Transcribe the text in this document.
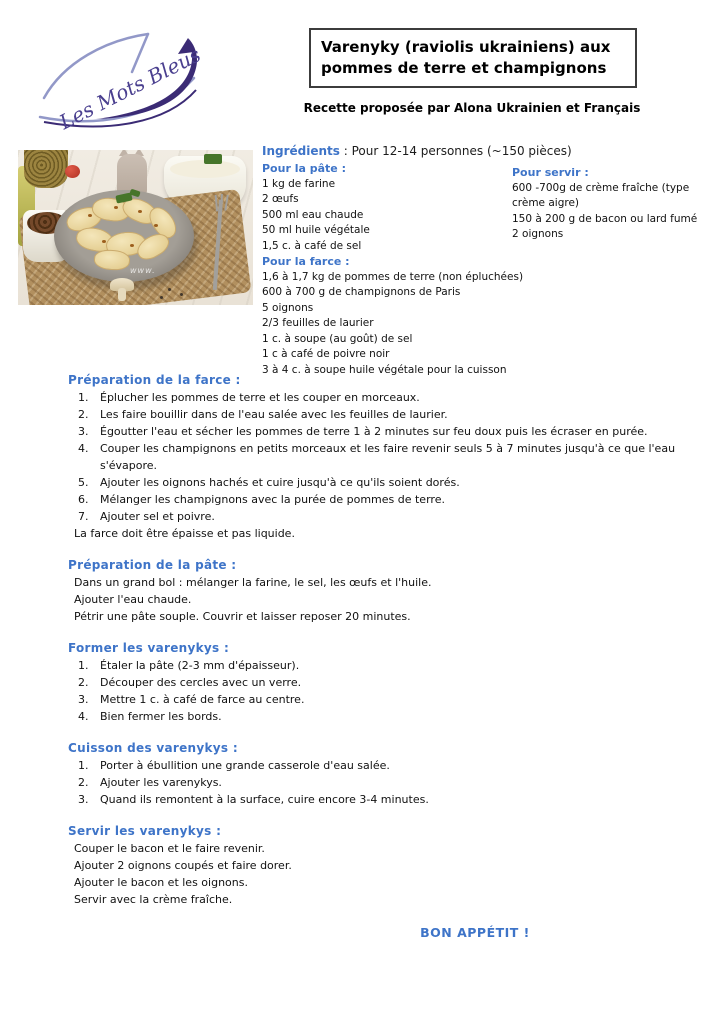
Les Mots Bleus	Varenyky (raviolis ukrainiens) aux pommes de terre et champignons
Recette proposée par Alona Ukrainien et Français
www.
Ingrédients : Pour 12-14 personnes (~150 pièces)
Pour la pâte :
1 kg de farine
2 œufs
500 ml eau chaude
50 ml huile végétale
1,5 c. à café de sel
Pour la farce :
1,6 à 1,7 kg de pommes de terre (non épluchées)
600 à 700 g de champignons de Paris
5 oignons
2/3 feuilles de laurier
1 c. à soupe (au goût) de sel
1 c à café de poivre noir
3 à 4 c. à soupe huile végétale pour la cuisson
Pour servir :
600 -700g de crème fraîche (type crème aigre)
150 à 200 g de bacon ou lard fumé
2 oignons
Préparation de la farce :
Éplucher les pommes de terre et les couper en morceaux.
Les faire bouillir dans de l'eau salée avec les feuilles de laurier.
Égoutter l'eau et sécher les pommes de terre 1 à 2 minutes sur feu doux puis les écraser en purée.
Couper les champignons en petits morceaux et les faire revenir seuls 5 à 7 minutes jusqu'à ce que l'eau s'évapore.
Ajouter les oignons hachés et cuire jusqu'à ce qu'ils soient dorés.
Mélanger les champignons avec la purée de pommes de terre.
Ajouter sel et poivre.
La farce doit être épaisse et pas liquide.
Préparation de la pâte :
Dans un grand bol : mélanger la farine, le sel, les œufs et l'huile.
Ajouter l'eau chaude.
Pétrir une pâte souple. Couvrir et laisser reposer 20 minutes.
Former les varenykys :
Étaler la pâte (2-3 mm d'épaisseur).
Découper des cercles avec un verre.
Mettre 1 c. à café de farce au centre.
Bien fermer les bords.
Cuisson des varenykys :
Porter à ébullition une grande casserole d'eau salée.
Ajouter les varenykys.
Quand ils remontent à la surface, cuire encore 3-4 minutes.
Servir les varenykys :
Couper le bacon et le faire revenir.
Ajouter 2 oignons coupés et faire dorer.
Ajouter le bacon et les oignons.
Servir avec la crème fraîche.
BON APPÉTIT !
